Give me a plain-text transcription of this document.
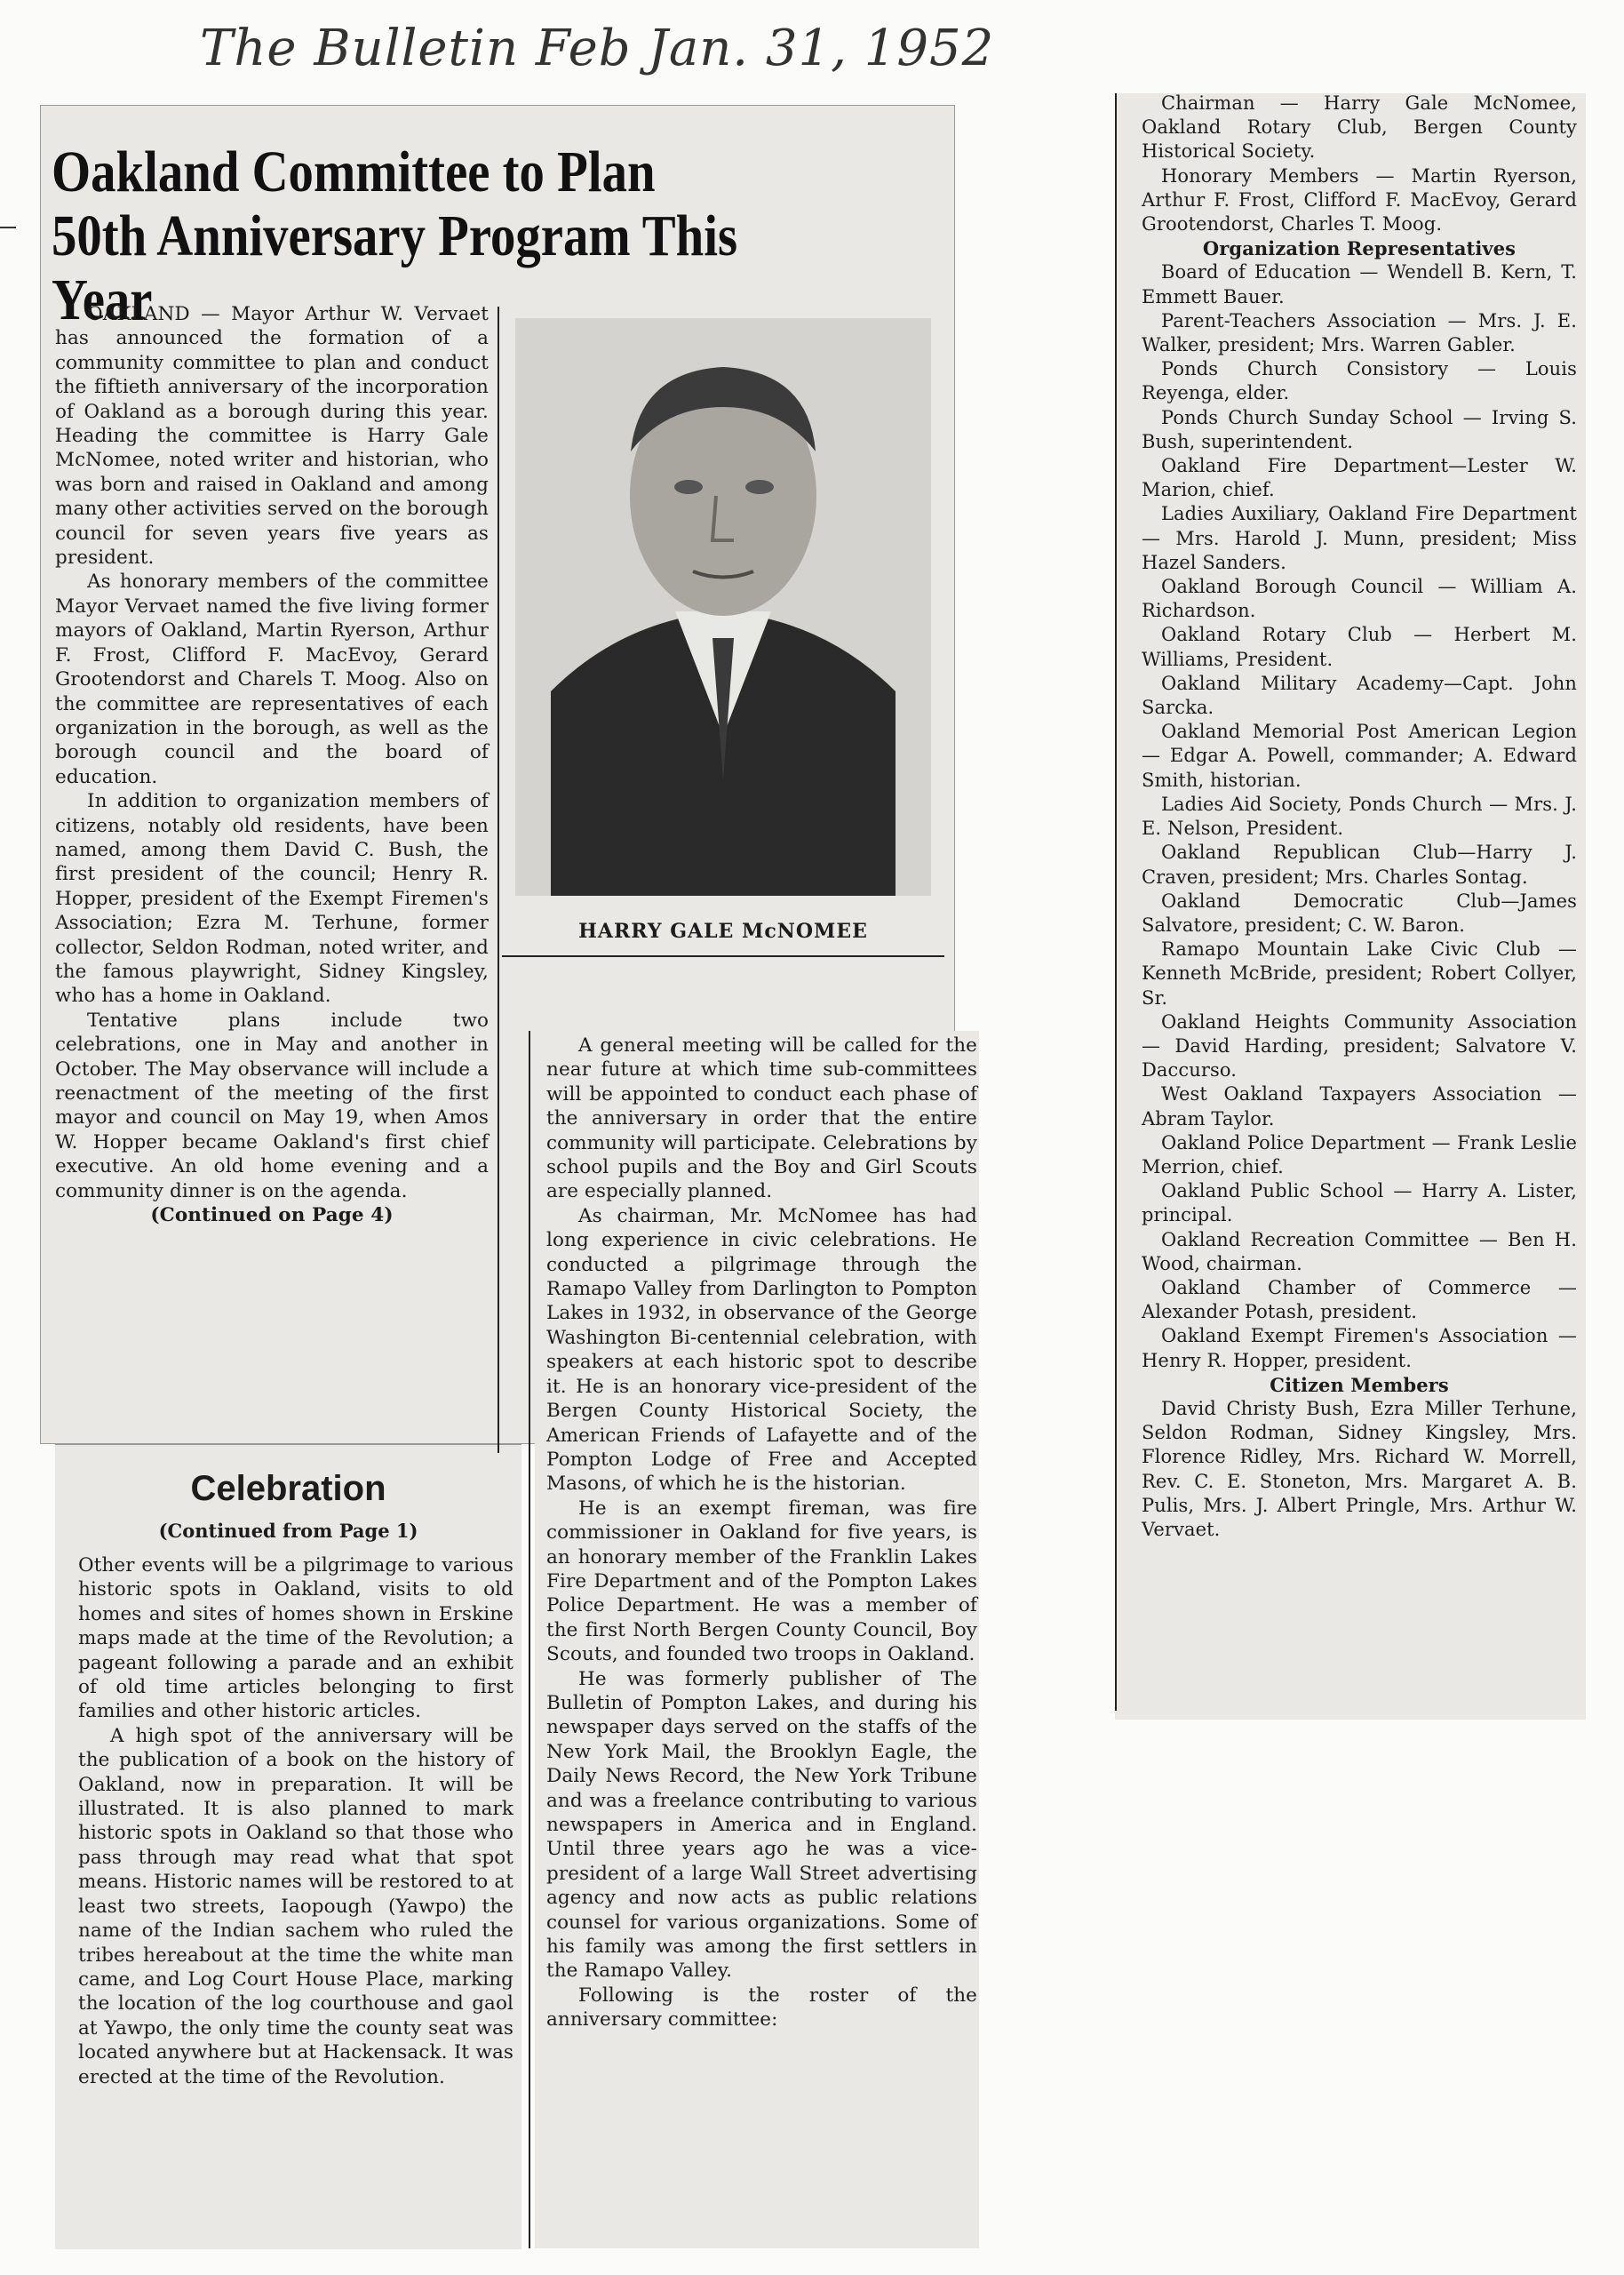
The Bulletin Feb Jan. 31, 1952
Oakland Committee to Plan 50th Anniversary Program This Year

OAKLAND — Mayor Arthur W. Vervaet has announced the formation of a community committee to plan and conduct the fiftieth anniversary of the incorporation of Oakland as a borough during this year. Heading the committee is Harry Gale McNomee, noted writer and historian, who was born and raised in Oakland and among many other activities served on the borough council for seven years five years as president.

As honorary members of the committee Mayor Vervaet named the five living former mayors of Oakland, Martin Ryerson, Arthur F. Frost, Clifford F. MacEvoy, Gerard Grootendorst and Charels T. Moog. Also on the committee are representatives of each organization in the borough, as well as the borough council and the board of education.

In addition to organization members of citizens, notably old residents, have been named, among them David C. Bush, the first president of the council; Henry R. Hopper, president of the Exempt Firemen's Association; Ezra M. Terhune, former collector, Seldon Rodman, noted writer, and the famous playwright, Sidney Kingsley, who has a home in Oakland.

Tentative plans include two celebrations, one in May and another in October. The May observance will include a reenactment of the meeting of the first mayor and council on May 19, when Amos W. Hopper became Oakland's first chief executive. An old home evening and a community dinner is on the agenda.

(Continued on Page 4)

HARRY GALE McNOMEE
Celebration
(Continued from Page 1)

Other events will be a pilgrimage to various historic spots in Oakland, visits to old homes and sites of homes shown in Erskine maps made at the time of the Revolution; a pageant following a parade and an exhibit of old time articles belonging to first families and other historic articles.

A high spot of the anniversary will be the publication of a book on the history of Oakland, now in preparation. It will be illustrated. It is also planned to mark historic spots in Oakland so that those who pass through may read what that spot means. Historic names will be restored to at least two streets, Iaopough (Yawpo) the name of the Indian sachem who ruled the tribes hereabout at the time the white man came, and Log Court House Place, marking the location of the log courthouse and gaol at Yawpo, the only time the county seat was located anywhere but at Hackensack. It was erected at the time of the Revolution.

A general meeting will be called for the near future at which time sub-committees will be appointed to conduct each phase of the anniversary in order that the entire community will participate. Celebrations by school pupils and the Boy and Girl Scouts are especially planned.

As chairman, Mr. McNomee has had long experience in civic celebrations. He conducted a pilgrimage through the Ramapo Valley from Darlington to Pompton Lakes in 1932, in observance of the George Washington Bi-centennial celebration, with speakers at each historic spot to describe it. He is an honorary vice-president of the Bergen County Historical Society, the American Friends of Lafayette and of the Pompton Lodge of Free and Accepted Masons, of which he is the historian.

He is an exempt fireman, was fire commissioner in Oakland for five years, is an honorary member of the Franklin Lakes Fire Department and of the Pompton Lakes Police Department. He was a member of the first North Bergen County Council, Boy Scouts, and founded two troops in Oakland.

He was formerly publisher of The Bulletin of Pompton Lakes, and during his newspaper days served on the staffs of the New York Mail, the Brooklyn Eagle, the Daily News Record, the New York Tribune and was a freelance contributing to various newspapers in America and in England. Until three years ago he was a vice-president of a large Wall Street advertising agency and now acts as public relations counsel for various organizations. Some of his family was among the first settlers in the Ramapo Valley.

Following is the roster of the anniversary committee:

Chairman — Harry Gale McNomee, Oakland Rotary Club, Bergen County Historical Society.

Honorary Members — Martin Ryerson, Arthur F. Frost, Clifford F. MacEvoy, Gerard Grootendorst, Charles T. Moog.

Organization Representatives

Board of Education — Wendell B. Kern, T. Emmett Bauer.

Parent-Teachers Association — Mrs. J. E. Walker, president; Mrs. Warren Gabler.

Ponds Church Consistory — Louis Reyenga, elder.

Ponds Church Sunday School — Irving S. Bush, superintendent.

Oakland Fire Department—Lester W. Marion, chief.

Ladies Auxiliary, Oakland Fire Department — Mrs. Harold J. Munn, president; Miss Hazel Sanders.

Oakland Borough Council — William A. Richardson.

Oakland Rotary Club — Herbert M. Williams, President.

Oakland Military Academy—Capt. John Sarcka.

Oakland Memorial Post American Legion — Edgar A. Powell, commander; A. Edward Smith, historian.

Ladies Aid Society, Ponds Church — Mrs. J. E. Nelson, President.

Oakland Republican Club—Harry J. Craven, president; Mrs. Charles Sontag.

Oakland Democratic Club—James Salvatore, president; C. W. Baron.

Ramapo Mountain Lake Civic Club — Kenneth McBride, president; Robert Collyer, Sr.

Oakland Heights Community Association — David Harding, president; Salvatore V. Daccurso.

West Oakland Taxpayers Association — Abram Taylor.

Oakland Police Department — Frank Leslie Merrion, chief.

Oakland Public School — Harry A. Lister, principal.

Oakland Recreation Committee — Ben H. Wood, chairman.

Oakland Chamber of Commerce — Alexander Potash, president.

Oakland Exempt Firemen's Association — Henry R. Hopper, president.

Citizen Members

David Christy Bush, Ezra Miller Terhune, Seldon Rodman, Sidney Kingsley, Mrs. Florence Ridley, Mrs. Richard W. Morrell, Rev. C. E. Stoneton, Mrs. Margaret A. B. Pulis, Mrs. J. Albert Pringle, Mrs. Arthur W. Vervaet.
